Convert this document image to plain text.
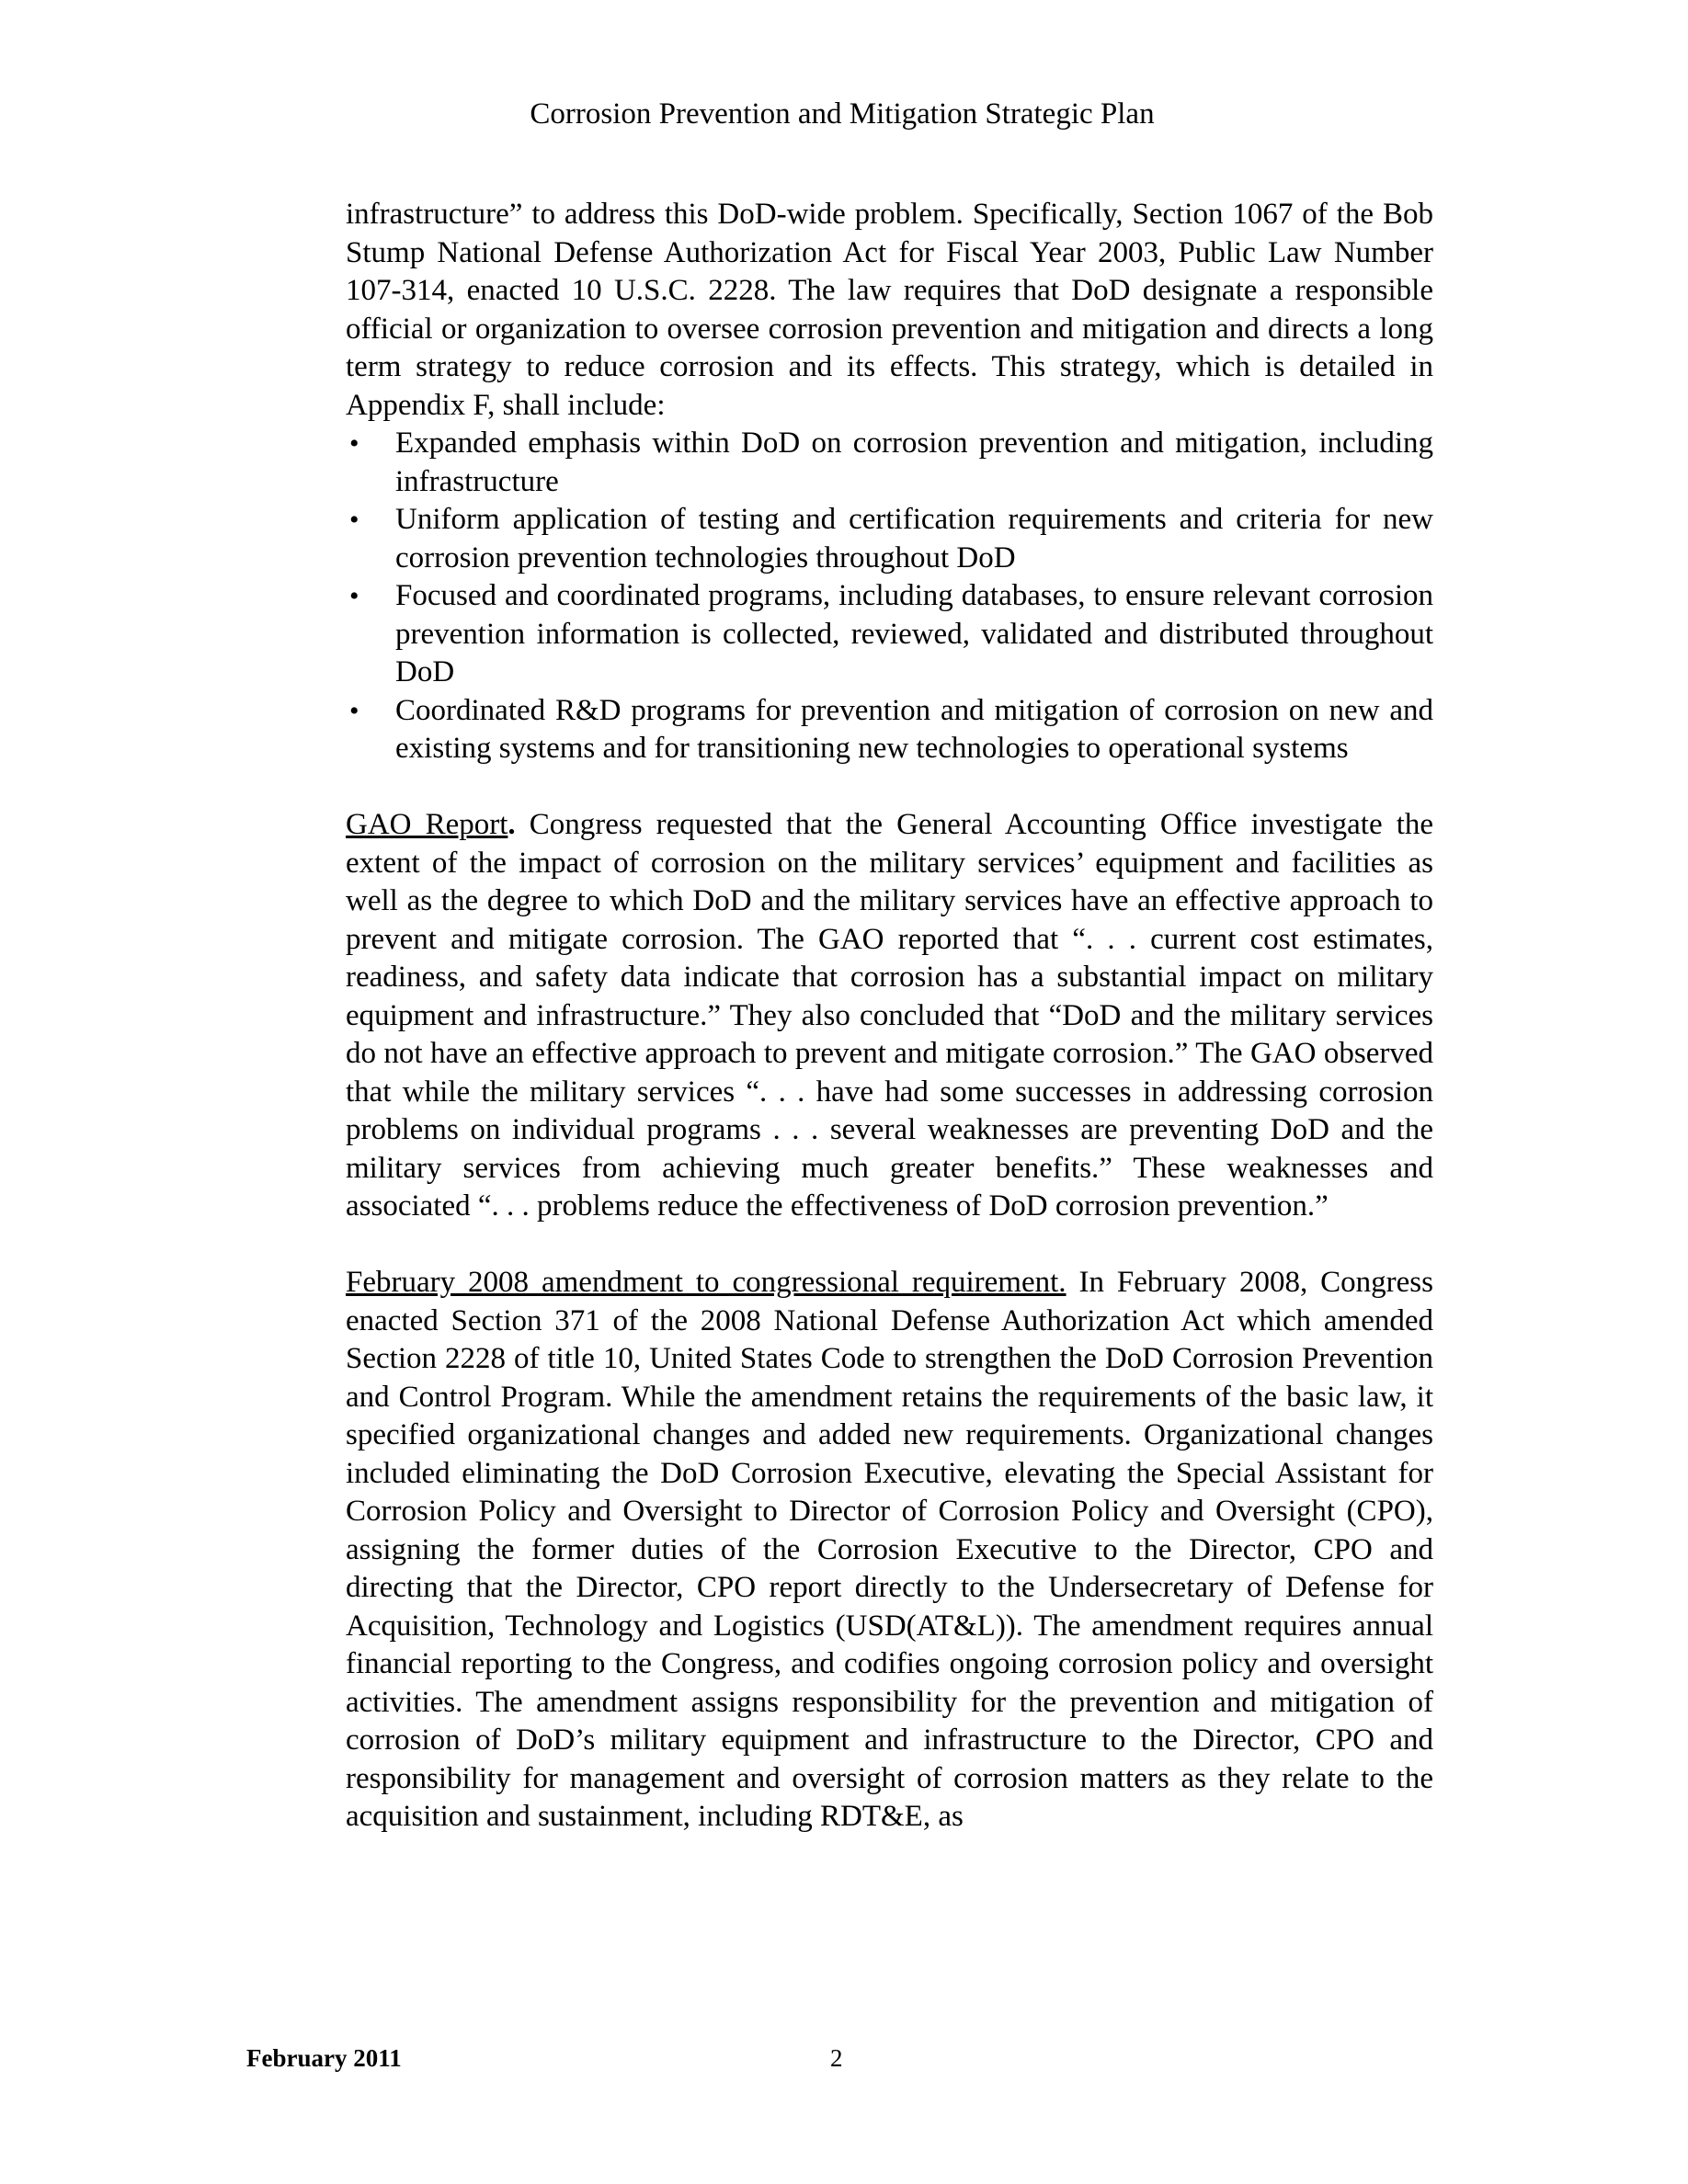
Corrosion Prevention and Mitigation Strategic Plan

infrastructure” to address this DoD-wide problem. Specifically, Section 1067 of the Bob Stump National Defense Authorization Act for Fiscal Year 2003, Public Law Number 107-314, enacted 10 U.S.C. 2228. The law requires that DoD designate a responsible official or organization to oversee corrosion prevention and mitigation and directs a long term strategy to reduce corrosion and its effects. This strategy, which is detailed in Appendix F, shall include:

• Expanded emphasis within DoD on corrosion prevention and mitigation, including infrastructure
• Uniform application of testing and certification requirements and criteria for new corrosion prevention technologies throughout DoD
• Focused and coordinated programs, including databases, to ensure relevant corrosion prevention information is collected, reviewed, validated and distributed throughout DoD
• Coordinated R&D programs for prevention and mitigation of corrosion on new and existing systems and for transitioning new technologies to operational systems

GAO Report. Congress requested that the General Accounting Office investigate the extent of the impact of corrosion on the military services’ equipment and facilities as well as the degree to which DoD and the military services have an effective approach to prevent and mitigate corrosion. The GAO reported that “. . . current cost estimates, readiness, and safety data indicate that corrosion has a substantial impact on military equipment and infrastructure.” They also concluded that “DoD and the military services do not have an effective approach to prevent and mitigate corrosion.” The GAO observed that while the military services “. . . have had some successes in addressing corrosion problems on individual programs . . . several weaknesses are preventing DoD and the military services from achieving much greater benefits.” These weaknesses and associated “. . . problems reduce the effectiveness of DoD corrosion prevention.”

February 2008 amendment to congressional requirement. In February 2008, Congress enacted Section 371 of the 2008 National Defense Authorization Act which amended Section 2228 of title 10, United States Code to strengthen the DoD Corrosion Prevention and Control Program. While the amendment retains the requirements of the basic law, it specified organizational changes and added new requirements. Organizational changes included eliminating the DoD Corrosion Executive, elevating the Special Assistant for Corrosion Policy and Oversight to Director of Corrosion Policy and Oversight (CPO), assigning the former duties of the Corrosion Executive to the Director, CPO and directing that the Director, CPO report directly to the Undersecretary of Defense for Acquisition, Technology and Logistics (USD(AT&L)). The amendment requires annual financial reporting to the Congress, and codifies ongoing corrosion policy and oversight activities. The amendment assigns responsibility for the prevention and mitigation of corrosion of DoD’s military equipment and infrastructure to the Director, CPO and responsibility for management and oversight of corrosion matters as they relate to the acquisition and sustainment, including RDT&E, as

February 2011	2
